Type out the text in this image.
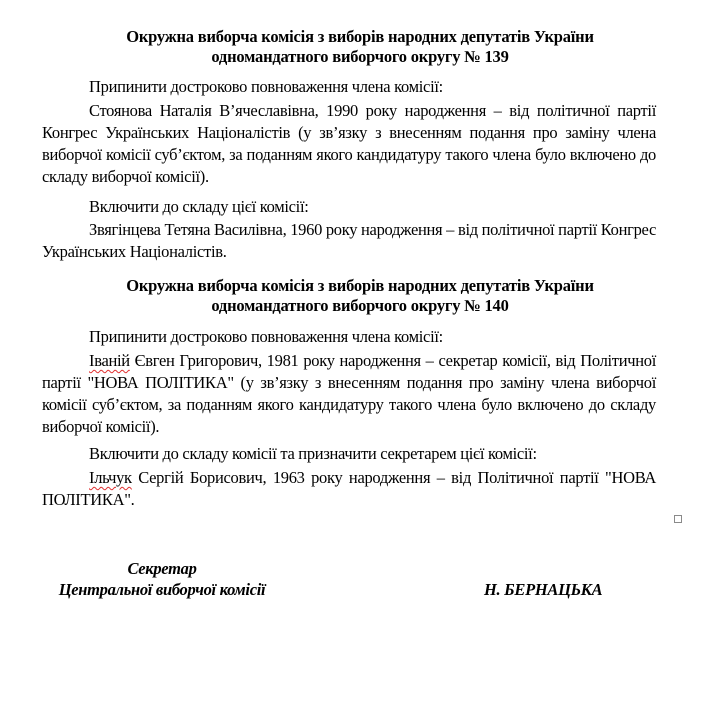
Окружна виборча комісія з виборів народних депутатів України
одномандатного виборчого округу № 139
Припинити достроково повноваження члена комісії:
Стоянова Наталія В’ячеславівна, 1990 року народження – від політичної партії Конгрес Українських Націоналістів (у зв’язку з внесенням подання про заміну члена виборчої комісії суб’єктом, за поданням якого кандидатуру такого члена було включено до складу виборчої комісії).
Включити до складу цієї комісії:
Звягінцева Тетяна Василівна, 1960 року народження – від політичної партії Конгрес Українських Націоналістів.
Окружна виборча комісія з виборів народних депутатів України
одномандатного виборчого округу № 140
Припинити достроково повноваження члена комісії:
Іваній Євген Григорович, 1981 року народження – секретар комісії, від Політичної партії "НОВА ПОЛІТИКА" (у зв’язку з внесенням подання про заміну члена виборчої комісії суб’єктом, за поданням якого кандидатуру такого члена було включено до складу виборчої комісії).
Включити до складу комісії та призначити секретарем цієї комісії:
Ільчук Сергій Борисович, 1963 року народження – від Політичної партії "НОВА ПОЛІТИКА".
Секретар
Центральної виборчої комісії	Н. БЕРНАЦЬКА
